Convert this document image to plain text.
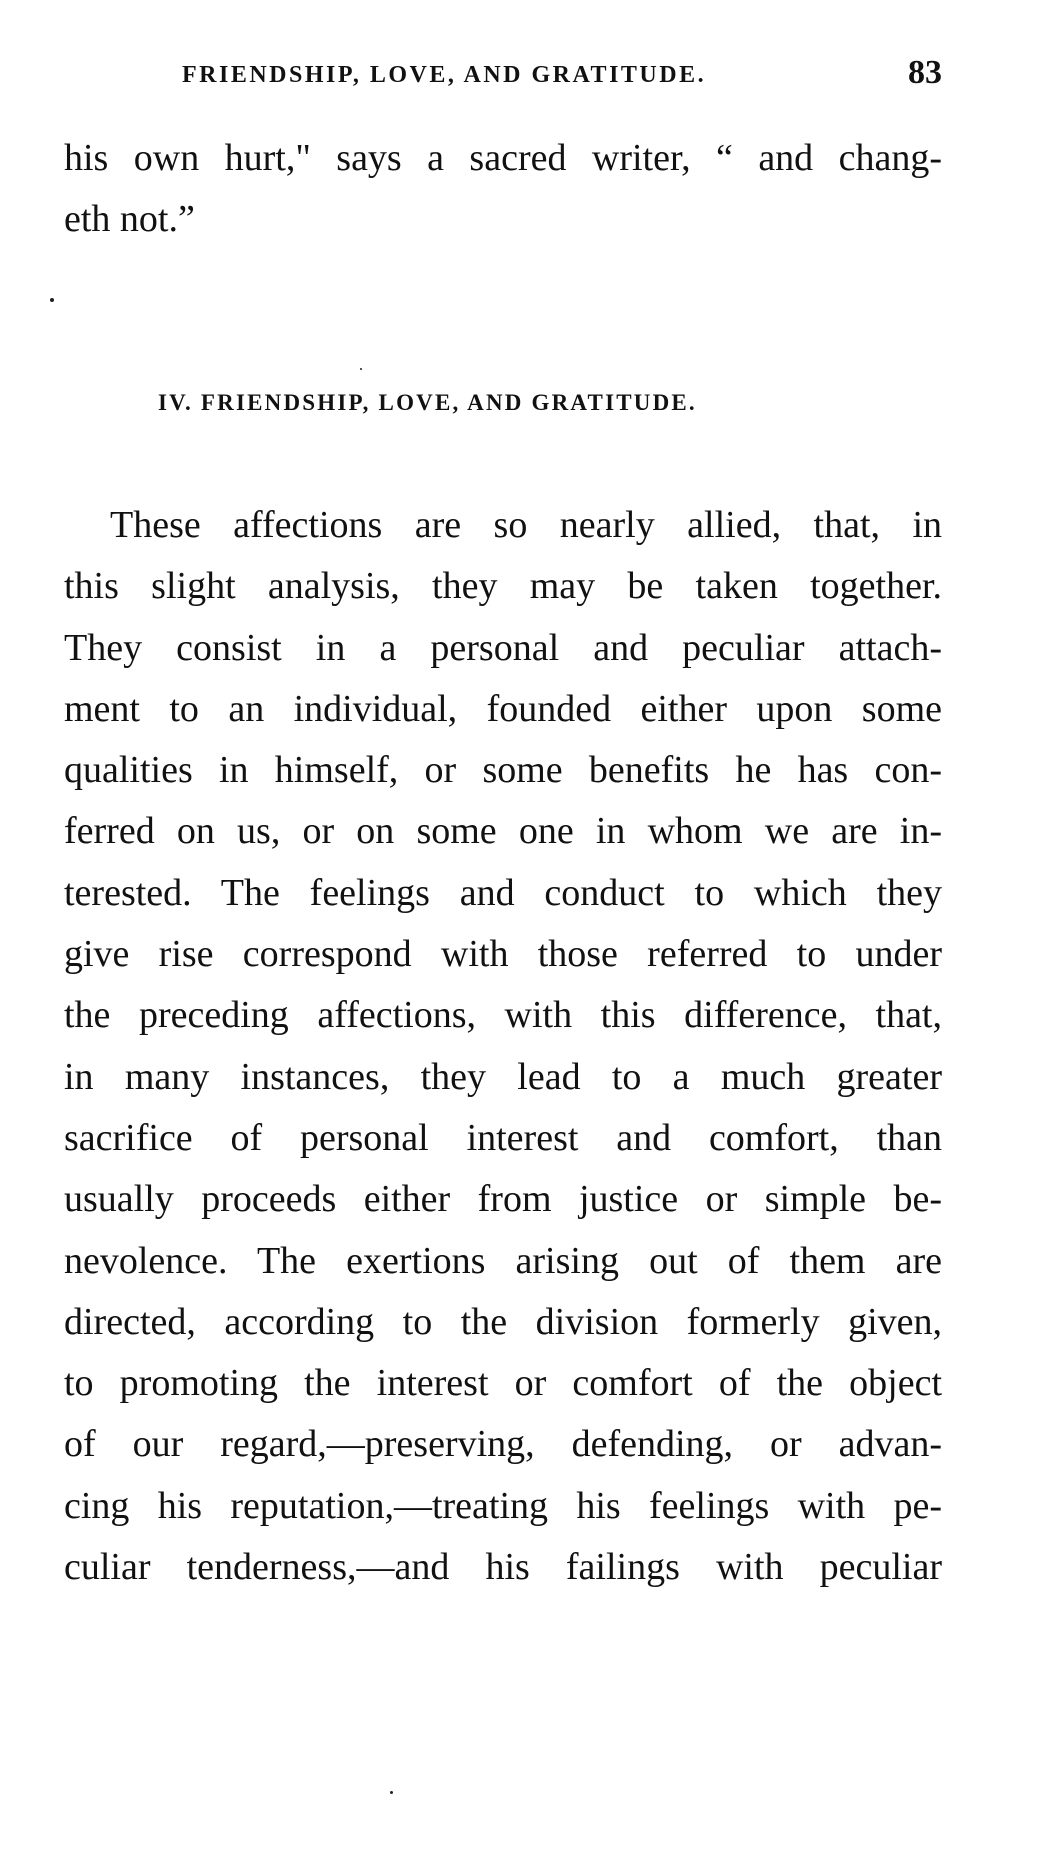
FRIENDSHIP, LOVE, AND GRATITUDE.	83
his own hurt," says a sacred writer, “ and chang-
eth not.”
IV. FRIENDSHIP, LOVE, AND GRATITUDE.
These affections are so nearly allied, that, in
this slight analysis, they may be taken together.
They consist in a personal and peculiar attach-
ment to an individual, founded either upon some
qualities in himself, or some benefits he has con-
ferred on us, or on some one in whom we are in-
terested. The feelings and conduct to which they
give rise correspond with those referred to under
the preceding affections, with this difference, that,
in many instances, they lead to a much greater
sacrifice of personal interest and comfort, than
usually proceeds either from justice or simple be-
nevolence. The exertions arising out of them are
directed, according to the division formerly given,
to promoting the interest or comfort of the object
of our regard,—preserving, defending, or advan-
cing his reputation,—treating his feelings with pe-
culiar tenderness,—and his failings with peculiar
